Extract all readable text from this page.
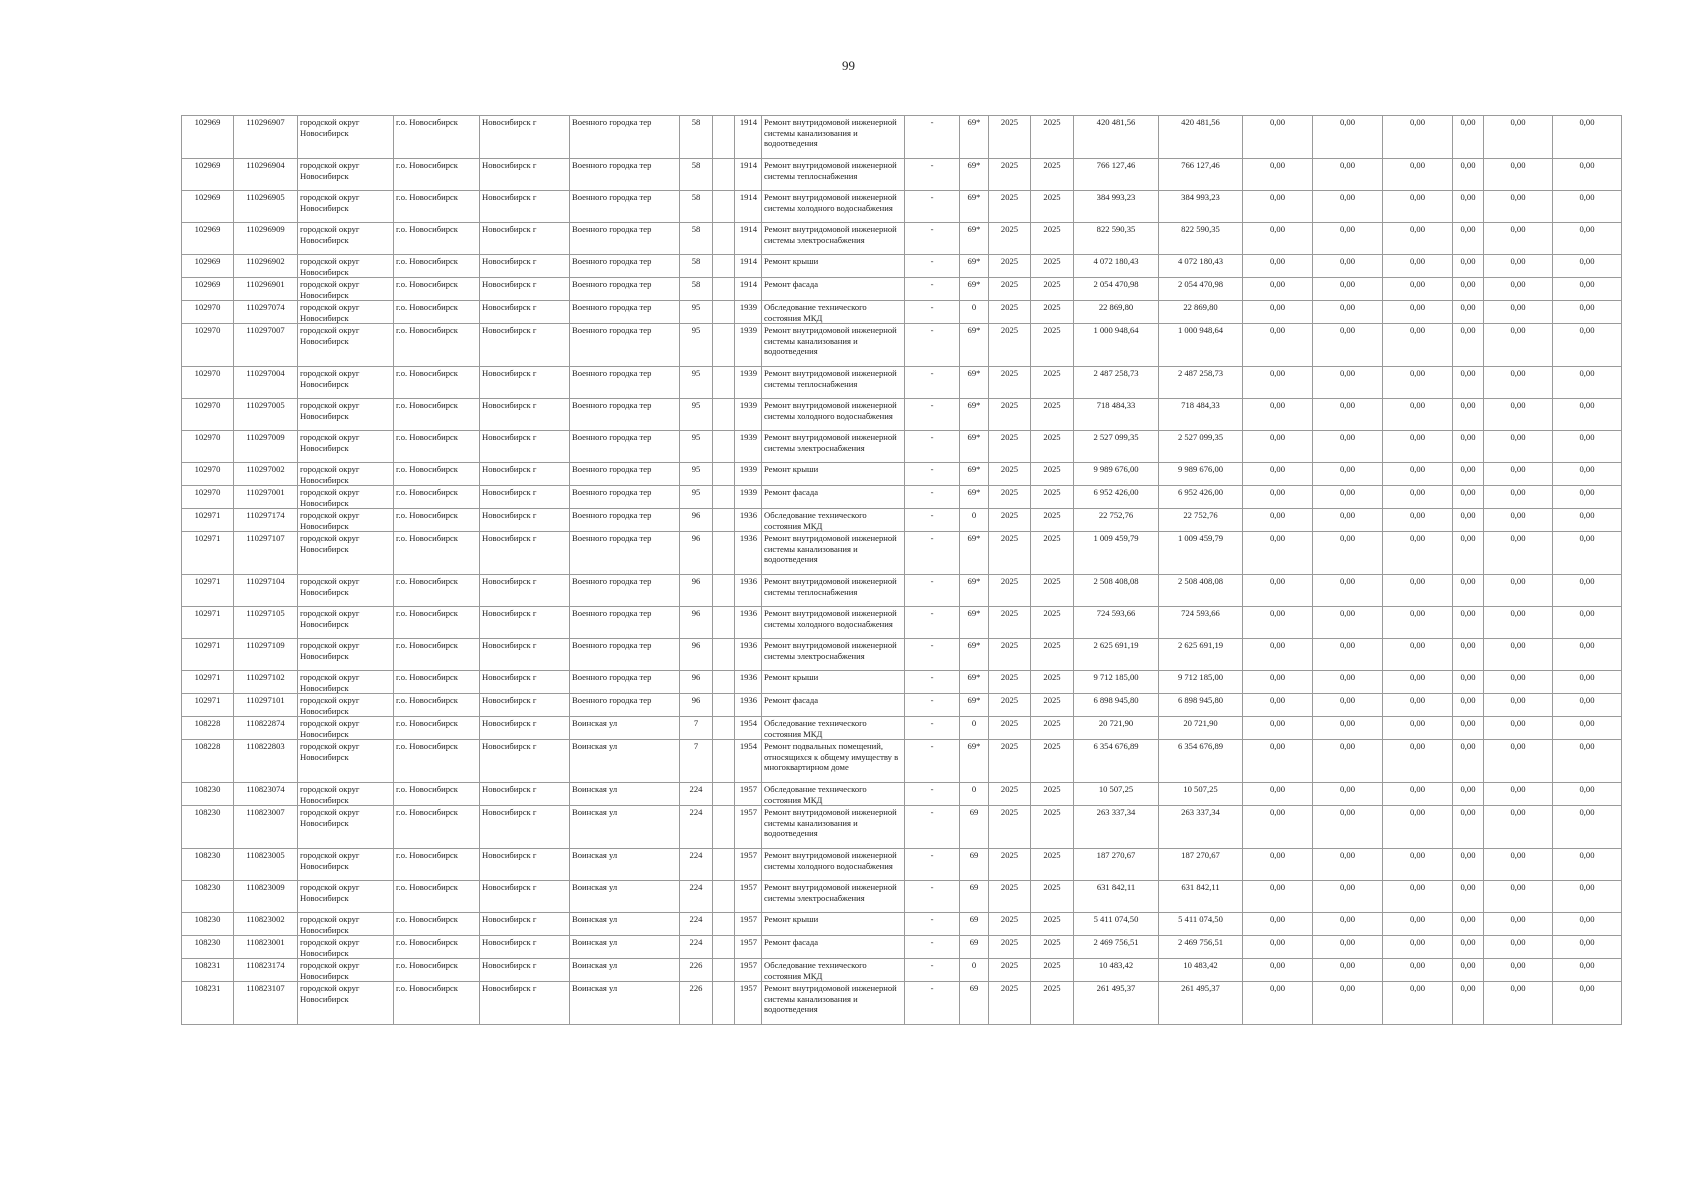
99
102969	110296907	городской округ Новосибирск	г.о. Новосибирск	Новосибирск г	Военного городка тер	58		1914	Ремонт внутридомовой инженерной системы канализования и водоотведения	-	69*	2025	2025	420 481,56	420 481,56	0,00	0,00	0,00	0,00	0,00	0,00
102969	110296904	городской округ Новосибирск	г.о. Новосибирск	Новосибирск г	Военного городка тер	58		1914	Ремонт внутридомовой инженерной системы теплоснабжения	-	69*	2025	2025	766 127,46	766 127,46	0,00	0,00	0,00	0,00	0,00	0,00
102969	110296905	городской округ Новосибирск	г.о. Новосибирск	Новосибирск г	Военного городка тер	58		1914	Ремонт внутридомовой инженерной системы холодного водоснабжения	-	69*	2025	2025	384 993,23	384 993,23	0,00	0,00	0,00	0,00	0,00	0,00
102969	110296909	городской округ Новосибирск	г.о. Новосибирск	Новосибирск г	Военного городка тер	58		1914	Ремонт внутридомовой инженерной системы электроснабжения	-	69*	2025	2025	822 590,35	822 590,35	0,00	0,00	0,00	0,00	0,00	0,00
102969	110296902	городской округ Новосибирск	г.о. Новосибирск	Новосибирск г	Военного городка тер	58		1914	Ремонт крыши	-	69*	2025	2025	4 072 180,43	4 072 180,43	0,00	0,00	0,00	0,00	0,00	0,00
102969	110296901	городской округ Новосибирск	г.о. Новосибирск	Новосибирск г	Военного городка тер	58		1914	Ремонт фасада	-	69*	2025	2025	2 054 470,98	2 054 470,98	0,00	0,00	0,00	0,00	0,00	0,00
102970	110297074	городской округ Новосибирск	г.о. Новосибирск	Новосибирск г	Военного городка тер	95		1939	Обследование технического состояния МКД	-	0	2025	2025	22 869,80	22 869,80	0,00	0,00	0,00	0,00	0,00	0,00
102970	110297007	городской округ Новосибирск	г.о. Новосибирск	Новосибирск г	Военного городка тер	95		1939	Ремонт внутридомовой инженерной системы канализования и водоотведения	-	69*	2025	2025	1 000 948,64	1 000 948,64	0,00	0,00	0,00	0,00	0,00	0,00
102970	110297004	городской округ Новосибирск	г.о. Новосибирск	Новосибирск г	Военного городка тер	95		1939	Ремонт внутридомовой инженерной системы теплоснабжения	-	69*	2025	2025	2 487 258,73	2 487 258,73	0,00	0,00	0,00	0,00	0,00	0,00
102970	110297005	городской округ Новосибирск	г.о. Новосибирск	Новосибирск г	Военного городка тер	95		1939	Ремонт внутридомовой инженерной системы холодного водоснабжения	-	69*	2025	2025	718 484,33	718 484,33	0,00	0,00	0,00	0,00	0,00	0,00
102970	110297009	городской округ Новосибирск	г.о. Новосибирск	Новосибирск г	Военного городка тер	95		1939	Ремонт внутридомовой инженерной системы электроснабжения	-	69*	2025	2025	2 527 099,35	2 527 099,35	0,00	0,00	0,00	0,00	0,00	0,00
102970	110297002	городской округ Новосибирск	г.о. Новосибирск	Новосибирск г	Военного городка тер	95		1939	Ремонт крыши	-	69*	2025	2025	9 989 676,00	9 989 676,00	0,00	0,00	0,00	0,00	0,00	0,00
102970	110297001	городской округ Новосибирск	г.о. Новосибирск	Новосибирск г	Военного городка тер	95		1939	Ремонт фасада	-	69*	2025	2025	6 952 426,00	6 952 426,00	0,00	0,00	0,00	0,00	0,00	0,00
102971	110297174	городской округ Новосибирск	г.о. Новосибирск	Новосибирск г	Военного городка тер	96		1936	Обследование технического состояния МКД	-	0	2025	2025	22 752,76	22 752,76	0,00	0,00	0,00	0,00	0,00	0,00
102971	110297107	городской округ Новосибирск	г.о. Новосибирск	Новосибирск г	Военного городка тер	96		1936	Ремонт внутридомовой инженерной системы канализования и водоотведения	-	69*	2025	2025	1 009 459,79	1 009 459,79	0,00	0,00	0,00	0,00	0,00	0,00
102971	110297104	городской округ Новосибирск	г.о. Новосибирск	Новосибирск г	Военного городка тер	96		1936	Ремонт внутридомовой инженерной системы теплоснабжения	-	69*	2025	2025	2 508 408,08	2 508 408,08	0,00	0,00	0,00	0,00	0,00	0,00
102971	110297105	городской округ Новосибирск	г.о. Новосибирск	Новосибирск г	Военного городка тер	96		1936	Ремонт внутридомовой инженерной системы холодного водоснабжения	-	69*	2025	2025	724 593,66	724 593,66	0,00	0,00	0,00	0,00	0,00	0,00
102971	110297109	городской округ Новосибирск	г.о. Новосибирск	Новосибирск г	Военного городка тер	96		1936	Ремонт внутридомовой инженерной системы электроснабжения	-	69*	2025	2025	2 625 691,19	2 625 691,19	0,00	0,00	0,00	0,00	0,00	0,00
102971	110297102	городской округ Новосибирск	г.о. Новосибирск	Новосибирск г	Военного городка тер	96		1936	Ремонт крыши	-	69*	2025	2025	9 712 185,00	9 712 185,00	0,00	0,00	0,00	0,00	0,00	0,00
102971	110297101	городской округ Новосибирск	г.о. Новосибирск	Новосибирск г	Военного городка тер	96		1936	Ремонт фасада	-	69*	2025	2025	6 898 945,80	6 898 945,80	0,00	0,00	0,00	0,00	0,00	0,00
108228	110822874	городской округ Новосибирск	г.о. Новосибирск	Новосибирск г	Воинская ул	7		1954	Обследование технического состояния МКД	-	0	2025	2025	20 721,90	20 721,90	0,00	0,00	0,00	0,00	0,00	0,00
108228	110822803	городской округ Новосибирск	г.о. Новосибирск	Новосибирск г	Воинская ул	7		1954	Ремонт подвальных помещений, относящихся к общему имуществу в многоквартирном доме	-	69*	2025	2025	6 354 676,89	6 354 676,89	0,00	0,00	0,00	0,00	0,00	0,00
108230	110823074	городской округ Новосибирск	г.о. Новосибирск	Новосибирск г	Воинская ул	224		1957	Обследование технического состояния МКД	-	0	2025	2025	10 507,25	10 507,25	0,00	0,00	0,00	0,00	0,00	0,00
108230	110823007	городской округ Новосибирск	г.о. Новосибирск	Новосибирск г	Воинская ул	224		1957	Ремонт внутридомовой инженерной системы канализования и водоотведения	-	69	2025	2025	263 337,34	263 337,34	0,00	0,00	0,00	0,00	0,00	0,00
108230	110823005	городской округ Новосибирск	г.о. Новосибирск	Новосибирск г	Воинская ул	224		1957	Ремонт внутридомовой инженерной системы холодного водоснабжения	-	69	2025	2025	187 270,67	187 270,67	0,00	0,00	0,00	0,00	0,00	0,00
108230	110823009	городской округ Новосибирск	г.о. Новосибирск	Новосибирск г	Воинская ул	224		1957	Ремонт внутридомовой инженерной системы электроснабжения	-	69	2025	2025	631 842,11	631 842,11	0,00	0,00	0,00	0,00	0,00	0,00
108230	110823002	городской округ Новосибирск	г.о. Новосибирск	Новосибирск г	Воинская ул	224		1957	Ремонт крыши	-	69	2025	2025	5 411 074,50	5 411 074,50	0,00	0,00	0,00	0,00	0,00	0,00
108230	110823001	городской округ Новосибирск	г.о. Новосибирск	Новосибирск г	Воинская ул	224		1957	Ремонт фасада	-	69	2025	2025	2 469 756,51	2 469 756,51	0,00	0,00	0,00	0,00	0,00	0,00
108231	110823174	городской округ Новосибирск	г.о. Новосибирск	Новосибирск г	Воинская ул	226		1957	Обследование технического состояния МКД	-	0	2025	2025	10 483,42	10 483,42	0,00	0,00	0,00	0,00	0,00	0,00
108231	110823107	городской округ Новосибирск	г.о. Новосибирск	Новосибирск г	Воинская ул	226		1957	Ремонт внутридомовой инженерной системы канализования и водоотведения	-	69	2025	2025	261 495,37	261 495,37	0,00	0,00	0,00	0,00	0,00	0,00
